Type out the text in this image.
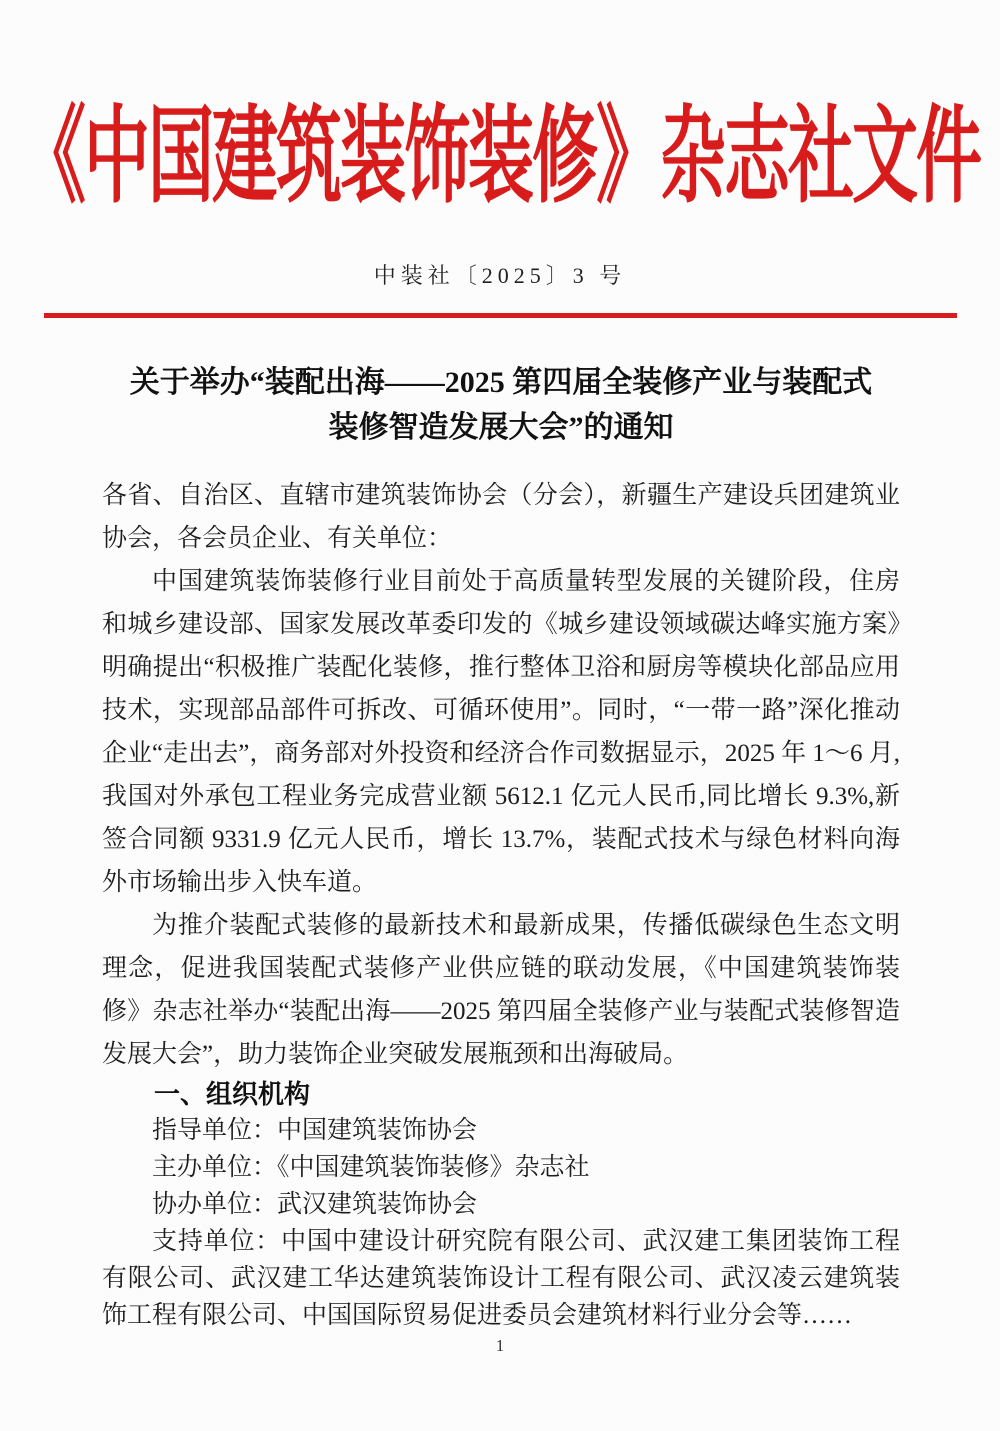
《中国建筑装饰装修》杂志社文件
中装社〔2025〕3 号
关于举办“装配出海——2025 第四届全装修产业与装配式
装修智造发展大会”的通知

各省、自治区、直辖市建筑装饰协会（分会），新疆生产建设兵团建筑业协会，各会员企业、有关单位：

中国建筑装饰装修行业目前处于高质量转型发展的关键阶段，住房和城乡建设部、国家发展改革委印发的《城乡建设领域碳达峰实施方案》明确提出“积极推广装配化装修，推行整体卫浴和厨房等模块化部品应用技术，实现部品部件可拆改、可循环使用”。同时，“一带一路”深化推动企业“走出去”，商务部对外投资和经济合作司数据显示，2025 年 1～6 月,我国对外承包工程业务完成营业额 5612.1 亿元人民币,同比增长 9.3%,新签合同额 9331.9 亿元人民币，增长 13.7%，装配式技术与绿色材料向海外市场输出步入快车道。

为推介装配式装修的最新技术和最新成果，传播低碳绿色生态文明理念，促进我国装配式装修产业供应链的联动发展，《中国建筑装饰装修》杂志社举办“装配出海——2025 第四届全装修产业与装配式装修智造发展大会”，助力装饰企业突破发展瓶颈和出海破局。

一、组织机构

指导单位：中国建筑装饰协会

主办单位：《中国建筑装饰装修》杂志社

协办单位：武汉建筑装饰协会

支持单位：中国中建设计研究院有限公司、武汉建工集团装饰工程有限公司、武汉建工华达建筑装饰设计工程有限公司、武汉凌云建筑装饰工程有限公司、中国国际贸易促进委员会建筑材料行业分会等……

1
